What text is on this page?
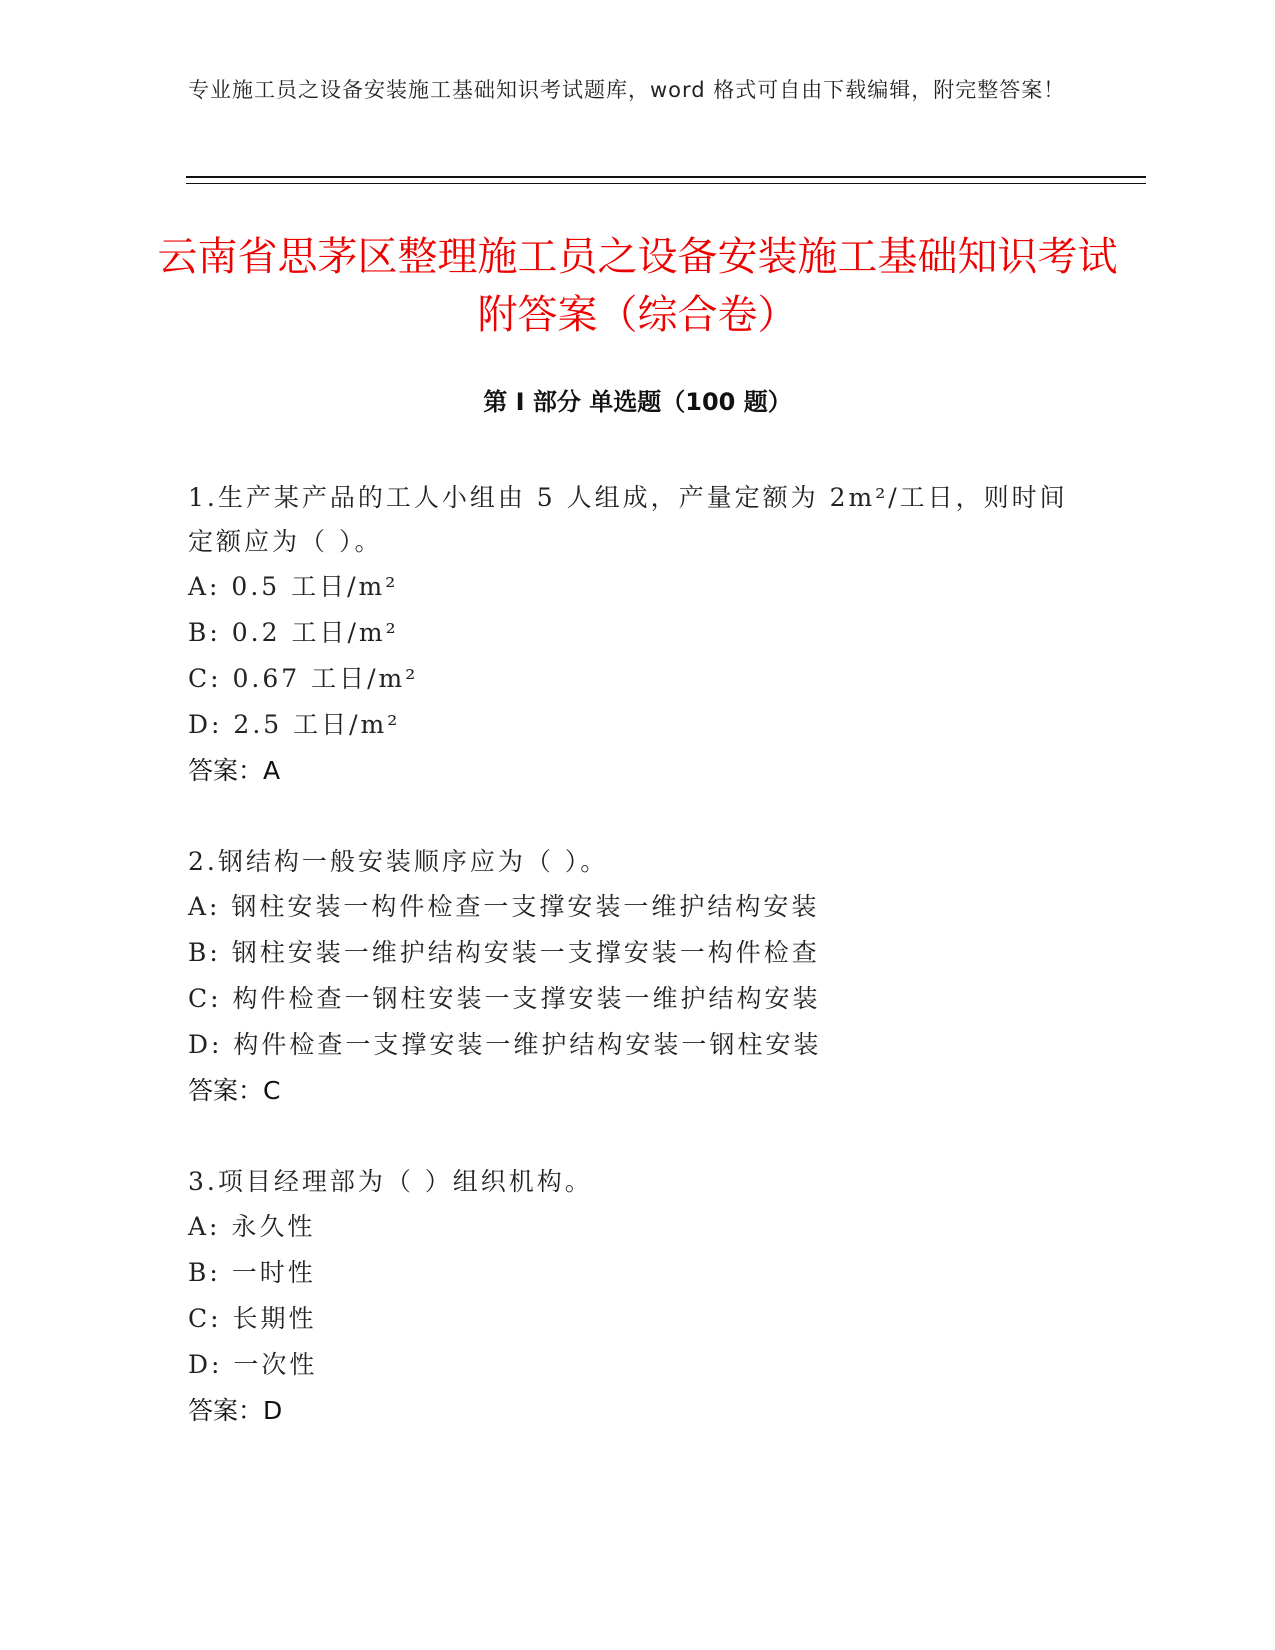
专业施工员之设备安装施工基础知识考试题库，word 格式可自由下载编辑，附完整答案！
云南省思茅区整理施工员之设备安装施工基础知识考试附答案（综合卷）
第 I 部分 单选题（100 题）

1.生产某产品的工人小组由 5 人组成，产量定额为 2m²/工日，则时间定额应为（ ）。

A: 0.5 工日/m²

B: 0.2 工日/m²

C: 0.67 工日/m²

D: 2.5 工日/m²

答案：A

2.钢结构一般安装顺序应为（ ）。

A: 钢柱安装一构件检查一支撑安装一维护结构安装

B: 钢柱安装一维护结构安装一支撑安装一构件检查

C: 构件检查一钢柱安装一支撑安装一维护结构安装

D: 构件检查一支撑安装一维护结构安装一钢柱安装

答案：C

3.项目经理部为（ ）组织机构。

A: 永久性

B: 一时性

C: 长期性

D: 一次性

答案：D
